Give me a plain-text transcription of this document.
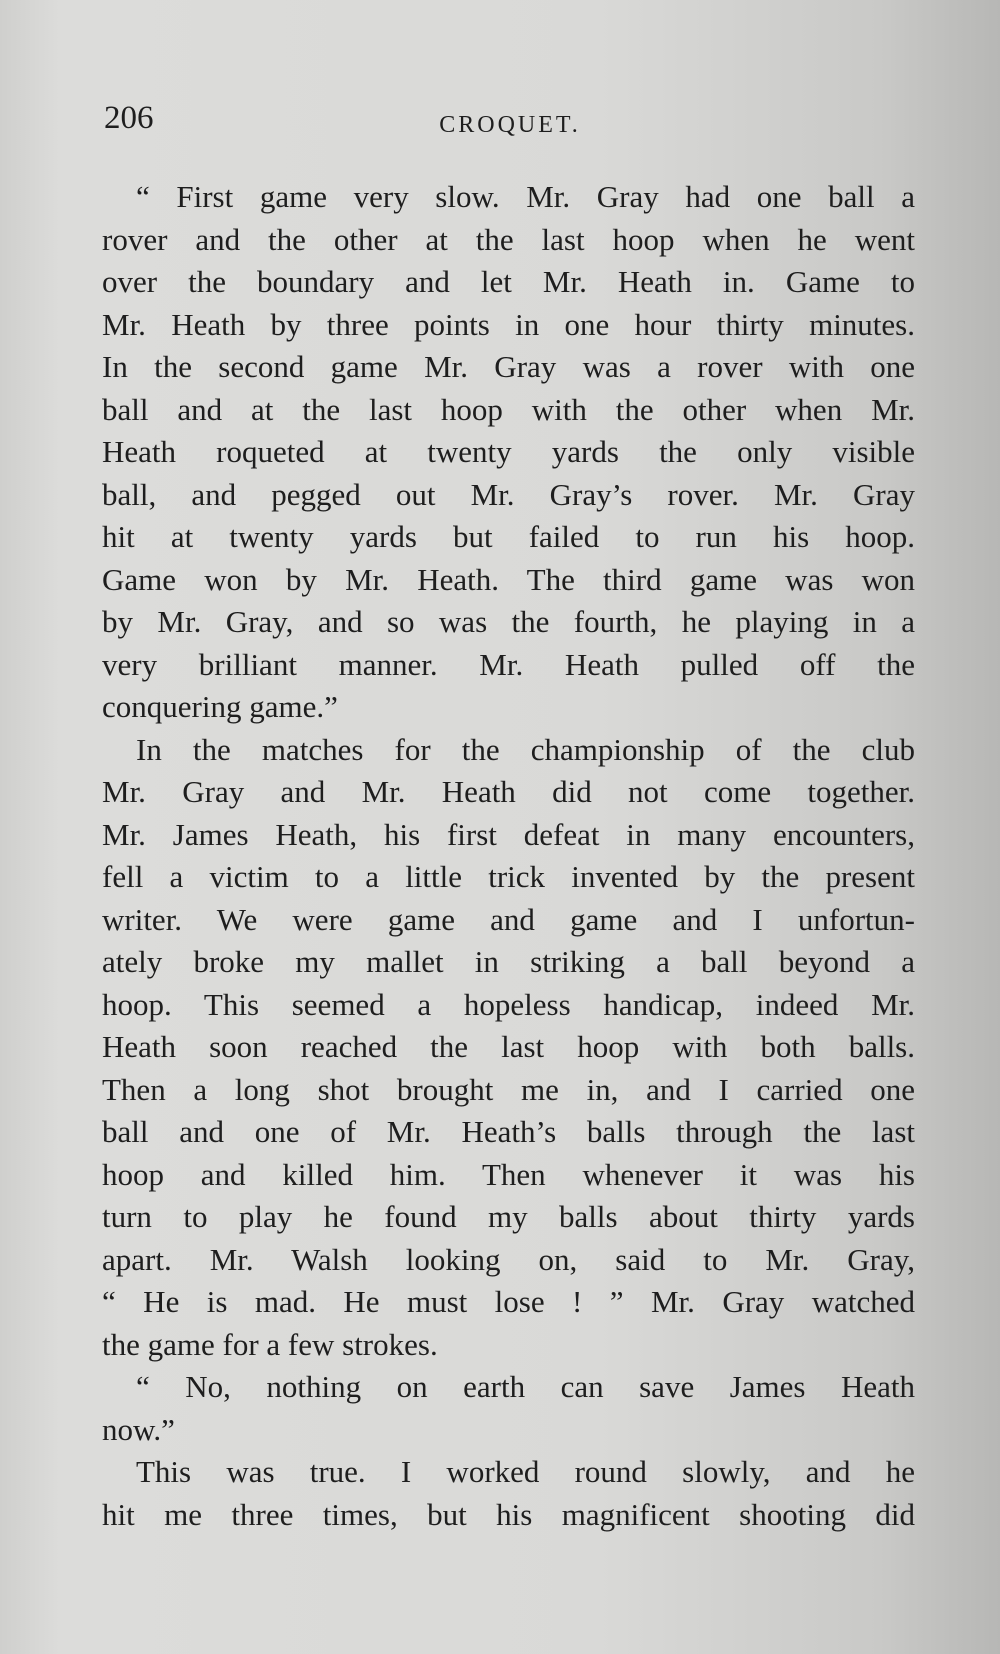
206	CROQUET.
“ First game very slow. Mr. Gray had one ball a
rover and the other at the last hoop when he went
over the boundary and let Mr. Heath in. Game to
Mr. Heath by three points in one hour thirty minutes.
In the second game Mr. Gray was a rover with one
ball and at the last hoop with the other when Mr.
Heath roqueted at twenty yards the only visible
ball, and pegged out Mr. Gray’s rover. Mr. Gray
hit at twenty yards but failed to run his hoop.
Game won by Mr. Heath. The third game was won
by Mr. Gray, and so was the fourth, he playing in a
very brilliant manner. Mr. Heath pulled off the
conquering game.”
In the matches for the championship of the club
Mr. Gray and Mr. Heath did not come together.
Mr. James Heath, his first defeat in many encounters,
fell a victim to a little trick invented by the present
writer. We were game and game and I unfortun-
ately broke my mallet in striking a ball beyond a
hoop. This seemed a hopeless handicap, indeed Mr.
Heath soon reached the last hoop with both balls.
Then a long shot brought me in, and I carried one
ball and one of Mr. Heath’s balls through the last
hoop and killed him. Then whenever it was his
turn to play he found my balls about thirty yards
apart. Mr. Walsh looking on, said to Mr. Gray,
“ He is mad. He must lose ! ” Mr. Gray watched
the game for a few strokes.
“ No, nothing on earth can save James Heath
now.”
This was true. I worked round slowly, and he
hit me three times, but his magnificent shooting did
